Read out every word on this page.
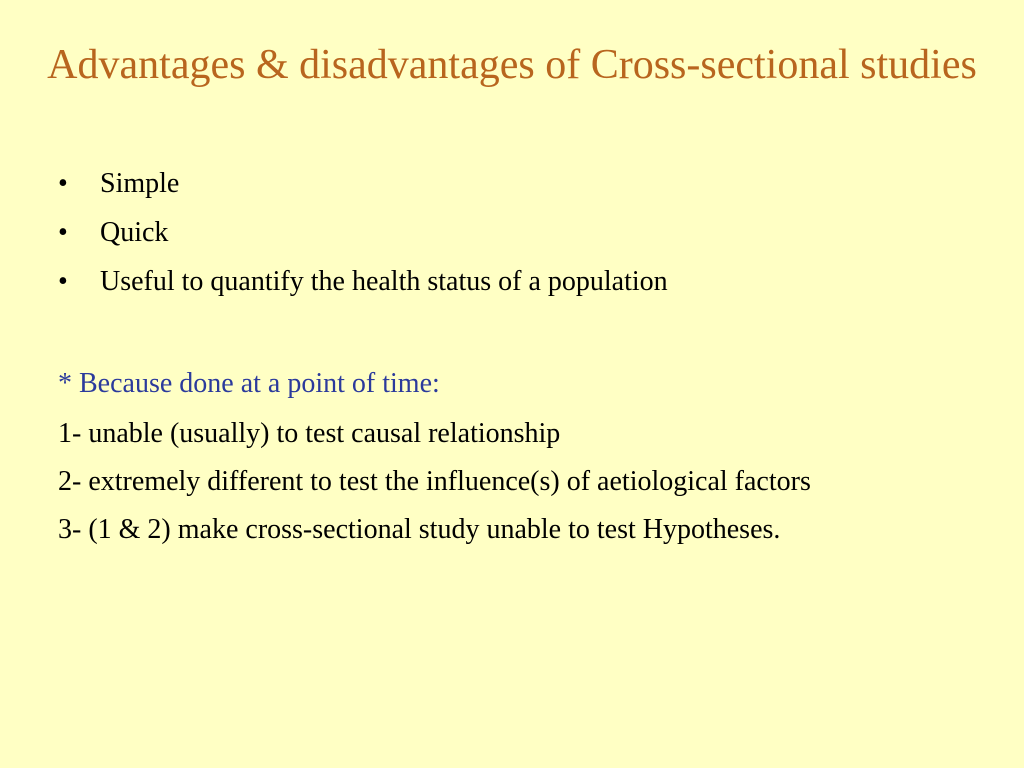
Advantages & disadvantages of Cross-sectional studies
• Simple
• Quick
• Useful to quantify the health status of a population
* Because done at a point of time:
1- unable (usually) to test causal relationship
2- extremely different to test the influence(s) of aetiological factors
3- (1 & 2) make cross-sectional study unable to test Hypotheses.
